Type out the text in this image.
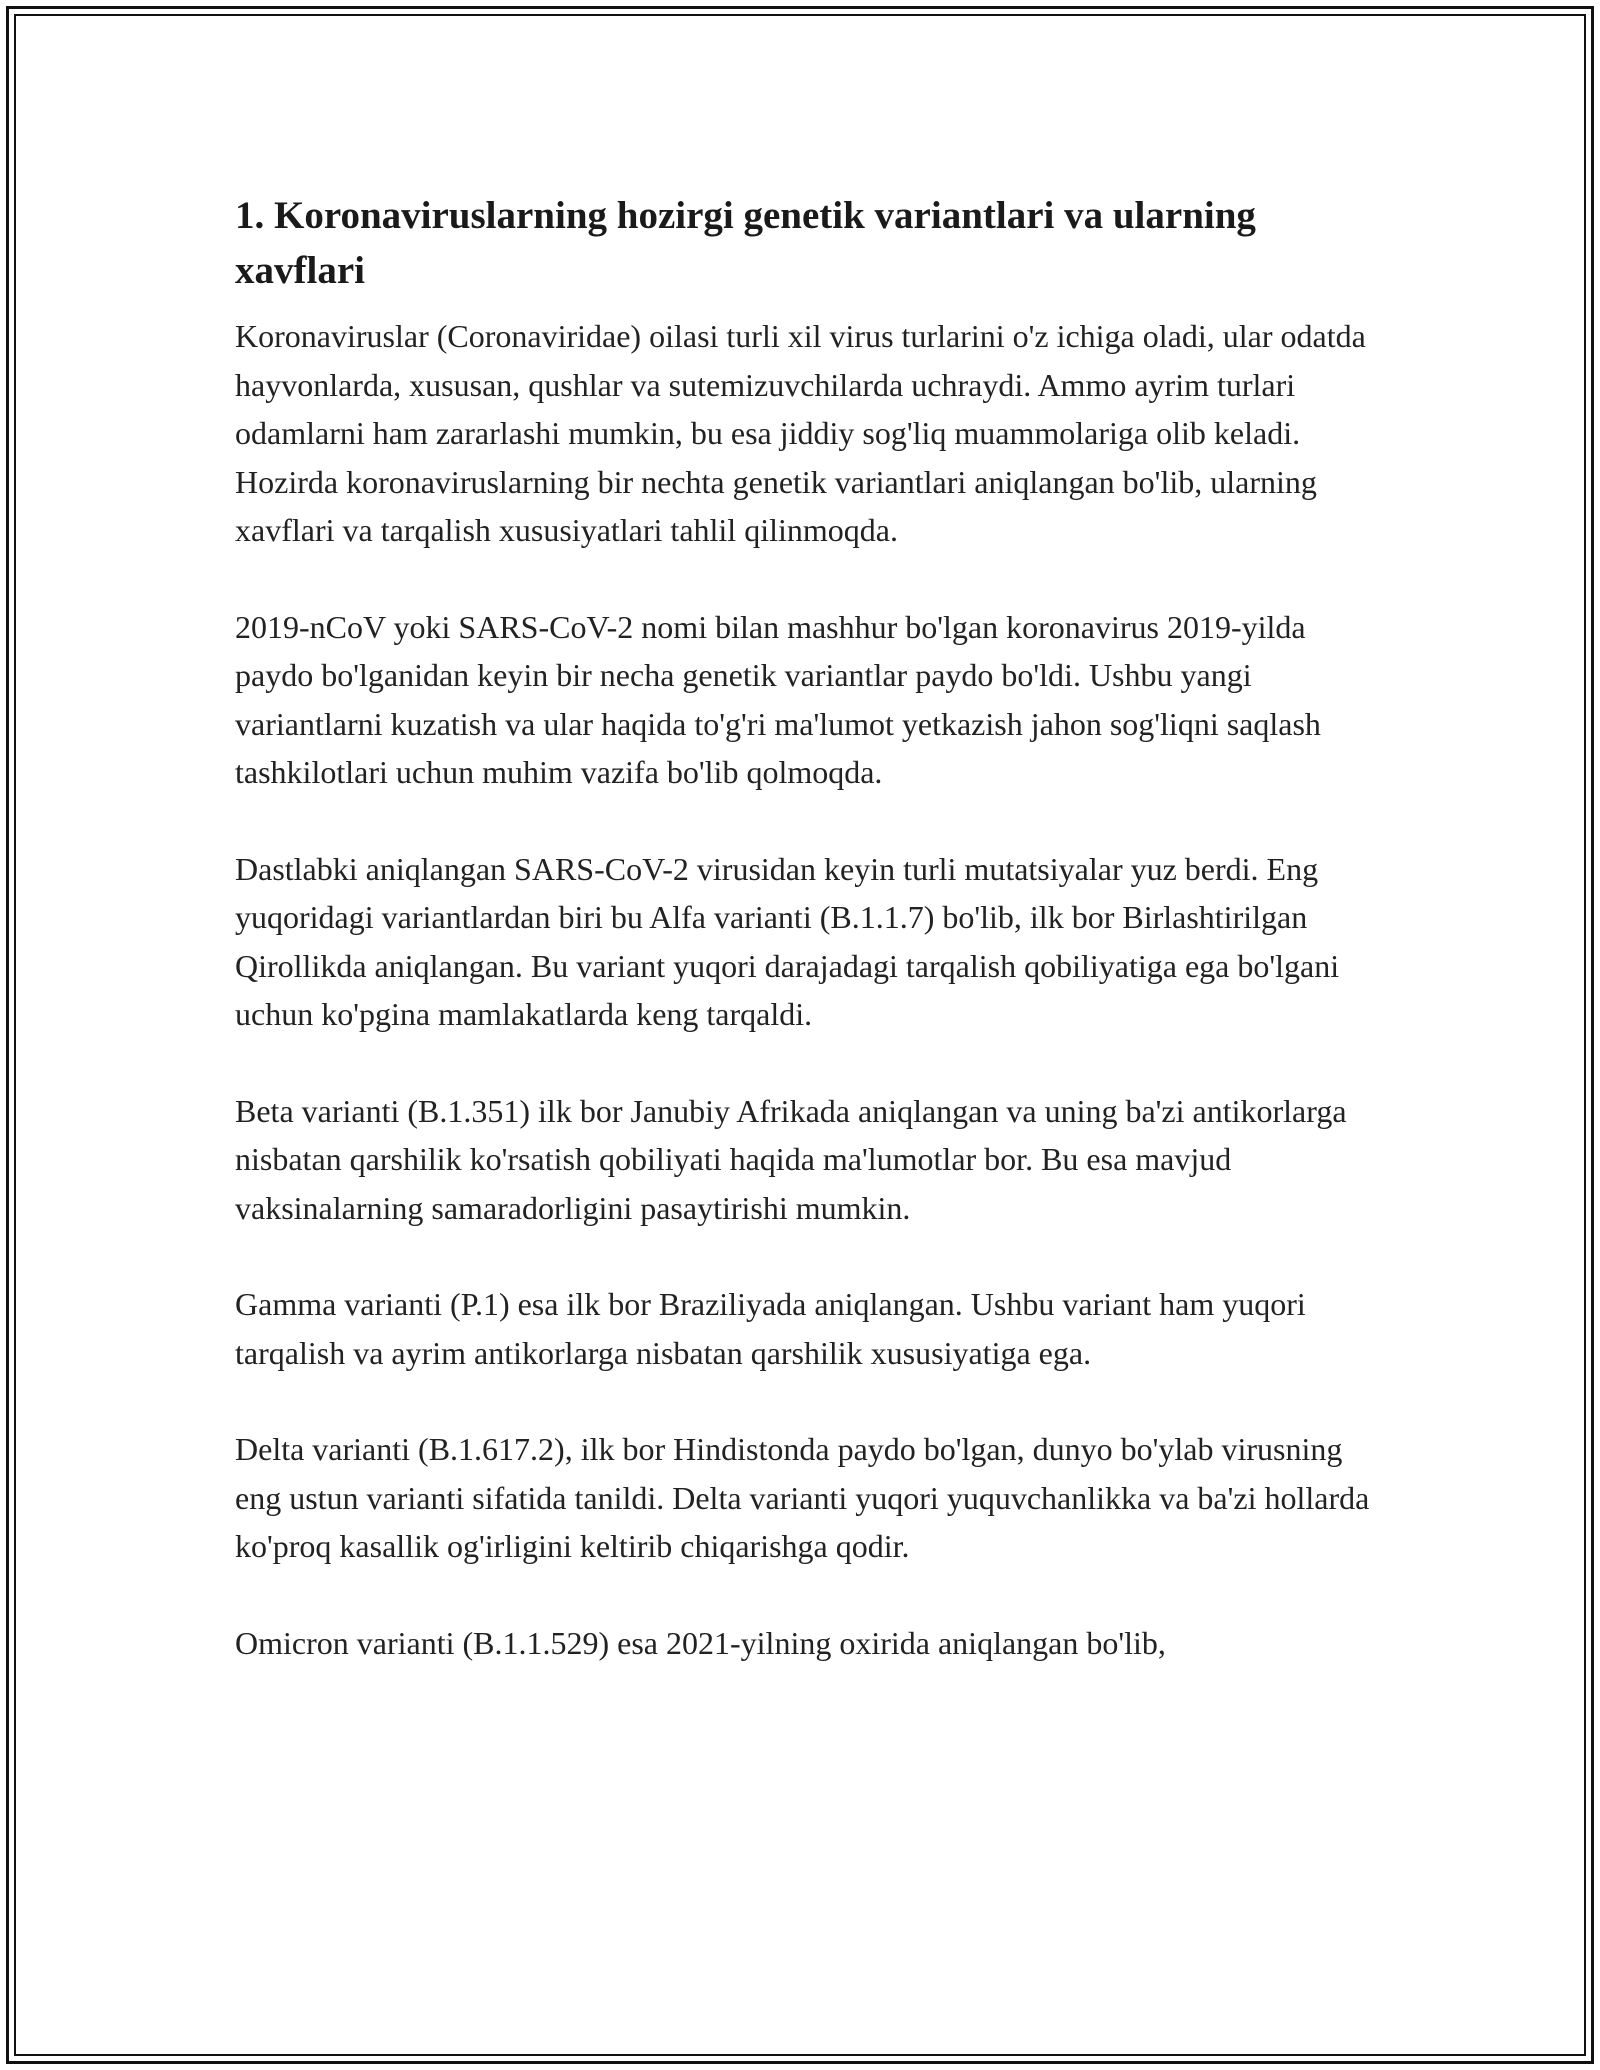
1. Koronaviruslarning hozirgi genetik variantlari va ularning xavflari

Koronaviruslar (Coronaviridae) oilasi turli xil virus turlarini o'z ichiga oladi, ular odatda hayvonlarda, xususan, qushlar va sutemizuvchilarda uchraydi. Ammo ayrim turlari odamlarni ham zararlashi mumkin, bu esa jiddiy sog'liq muammolariga olib keladi. Hozirda koronaviruslarning bir nechta genetik variantlari aniqlangan bo'lib, ularning xavflari va tarqalish xususiyatlari tahlil qilinmoqda.

2019-nCoV yoki SARS-CoV-2 nomi bilan mashhur bo'lgan koronavirus 2019-yilda paydo bo'lganidan keyin bir necha genetik variantlar paydo bo'ldi. Ushbu yangi variantlarni kuzatish va ular haqida to'g'ri ma'lumot yetkazish jahon sog'liqni saqlash tashkilotlari uchun muhim vazifa bo'lib qolmoqda.

Dastlabki aniqlangan SARS-CoV-2 virusidan keyin turli mutatsiyalar yuz berdi. Eng yuqoridagi variantlardan biri bu Alfa varianti (B.1.1.7) bo'lib, ilk bor Birlashtirilgan Qirollikda aniqlangan. Bu variant yuqori darajadagi tarqalish qobiliyatiga ega bo'lgani uchun ko'pgina mamlakatlarda keng tarqaldi.

Beta varianti (B.1.351) ilk bor Janubiy Afrikada aniqlangan va uning ba'zi antikorlarga nisbatan qarshilik ko'rsatish qobiliyati haqida ma'lumotlar bor. Bu esa mavjud vaksinalarning samaradorligini pasaytirishi mumkin.

Gamma varianti (P.1) esa ilk bor Braziliyada aniqlangan. Ushbu variant ham yuqori tarqalish va ayrim antikorlarga nisbatan qarshilik xususiyatiga ega.

Delta varianti (B.1.617.2), ilk bor Hindistonda paydo bo'lgan, dunyo bo'ylab virusning eng ustun varianti sifatida tanildi. Delta varianti yuqori yuquvchanlikka va ba'zi hollarda ko'proq kasallik og'irligini keltirib chiqarishga qodir.

Omicron varianti (B.1.1.529) esa 2021-yilning oxirida aniqlangan bo'lib,
